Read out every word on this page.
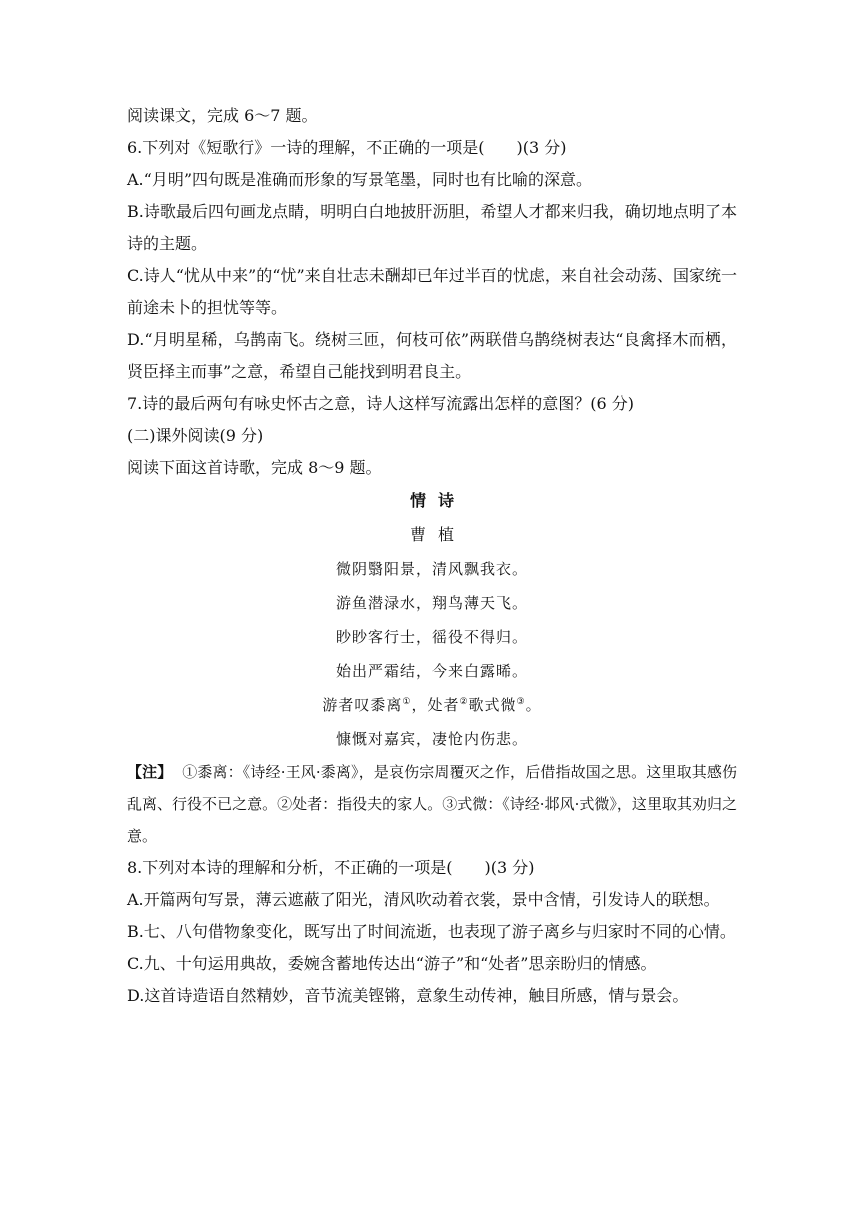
阅读课文，完成 6～7 题。
6.下列对《短歌行》一诗的理解，不正确的一项是(　　)(3 分)
A.“月明”四句既是准确而形象的写景笔墨，同时也有比喻的深意。
B.诗歌最后四句画龙点睛，明明白白地披肝沥胆，希望人才都来归我，确切地点明了本诗的主题。
C.诗人“忧从中来”的“忧”来自壮志未酬却已年过半百的忧虑，来自社会动荡、国家统一前途未卜的担忧等等。
D.“月明星稀，乌鹊南飞。绕树三匝，何枝可依”两联借乌鹊绕树表达“良禽择木而栖，贤臣择主而事”之意，希望自己能找到明君良主。
7.诗的最后两句有咏史怀古之意，诗人这样写流露出怎样的意图？(6 分)
(二)课外阅读(9 分)
阅读下面这首诗歌，完成 8～9 题。
情诗
曹植
微阴翳阳景，清风飘我衣。
游鱼潜渌水，翔鸟薄天飞。
眇眇客行士，徭役不得归。
始出严霜结，今来白露晞。
游者叹黍离①，处者②歌式微③。
慷慨对嘉宾，凄怆内伤悲。
【注】 ①黍离：《诗经·王风·黍离》，是哀伤宗周覆灭之作，后借指故国之思。这里取其感伤乱离、行役不已之意。②处者：指役夫的家人。③式微：《诗经·邶风·式微》，这里取其劝归之意。
8.下列对本诗的理解和分析，不正确的一项是(　　)(3 分)
A.开篇两句写景，薄云遮蔽了阳光，清风吹动着衣裳，景中含情，引发诗人的联想。
B.七、八句借物象变化，既写出了时间流逝，也表现了游子离乡与归家时不同的心情。
C.九、十句运用典故，委婉含蓄地传达出“游子”和“处者”思亲盼归的情感。
D.这首诗造语自然精妙，音节流美铿锵，意象生动传神，触目所感，情与景会。
